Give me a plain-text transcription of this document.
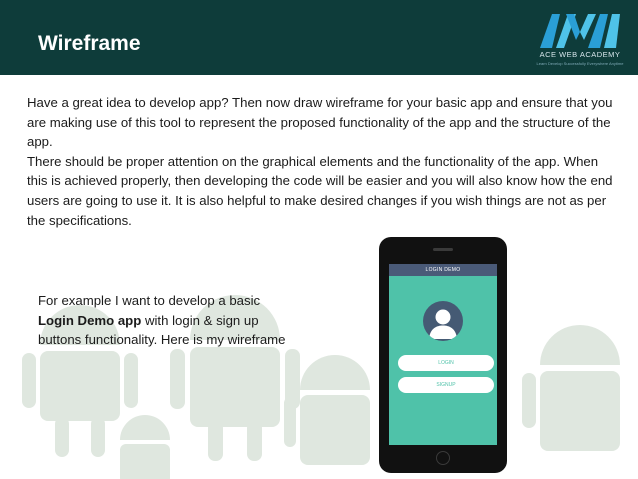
Wireframe	ACE WEB ACADEMY
Learn Develop Successfully Everywhere Anytime

Have a great idea to develop app? Then now draw wireframe for your basic app and ensure that you are making use of this tool to represent the proposed functionality of the app and the structure of the app.

There should be proper attention on the graphical elements and the functionality of the app. When this is achieved properly, then developing the code will be easier and you will also know how the end users are going to use it. It is also helpful to make desired changes if you wish things are not as per the specifications.

For example I want to develop a basic Login Demo app with login & sign up buttons functionality. Here is my wireframe
LOGIN DEMO
LOGIN
SIGNUP
